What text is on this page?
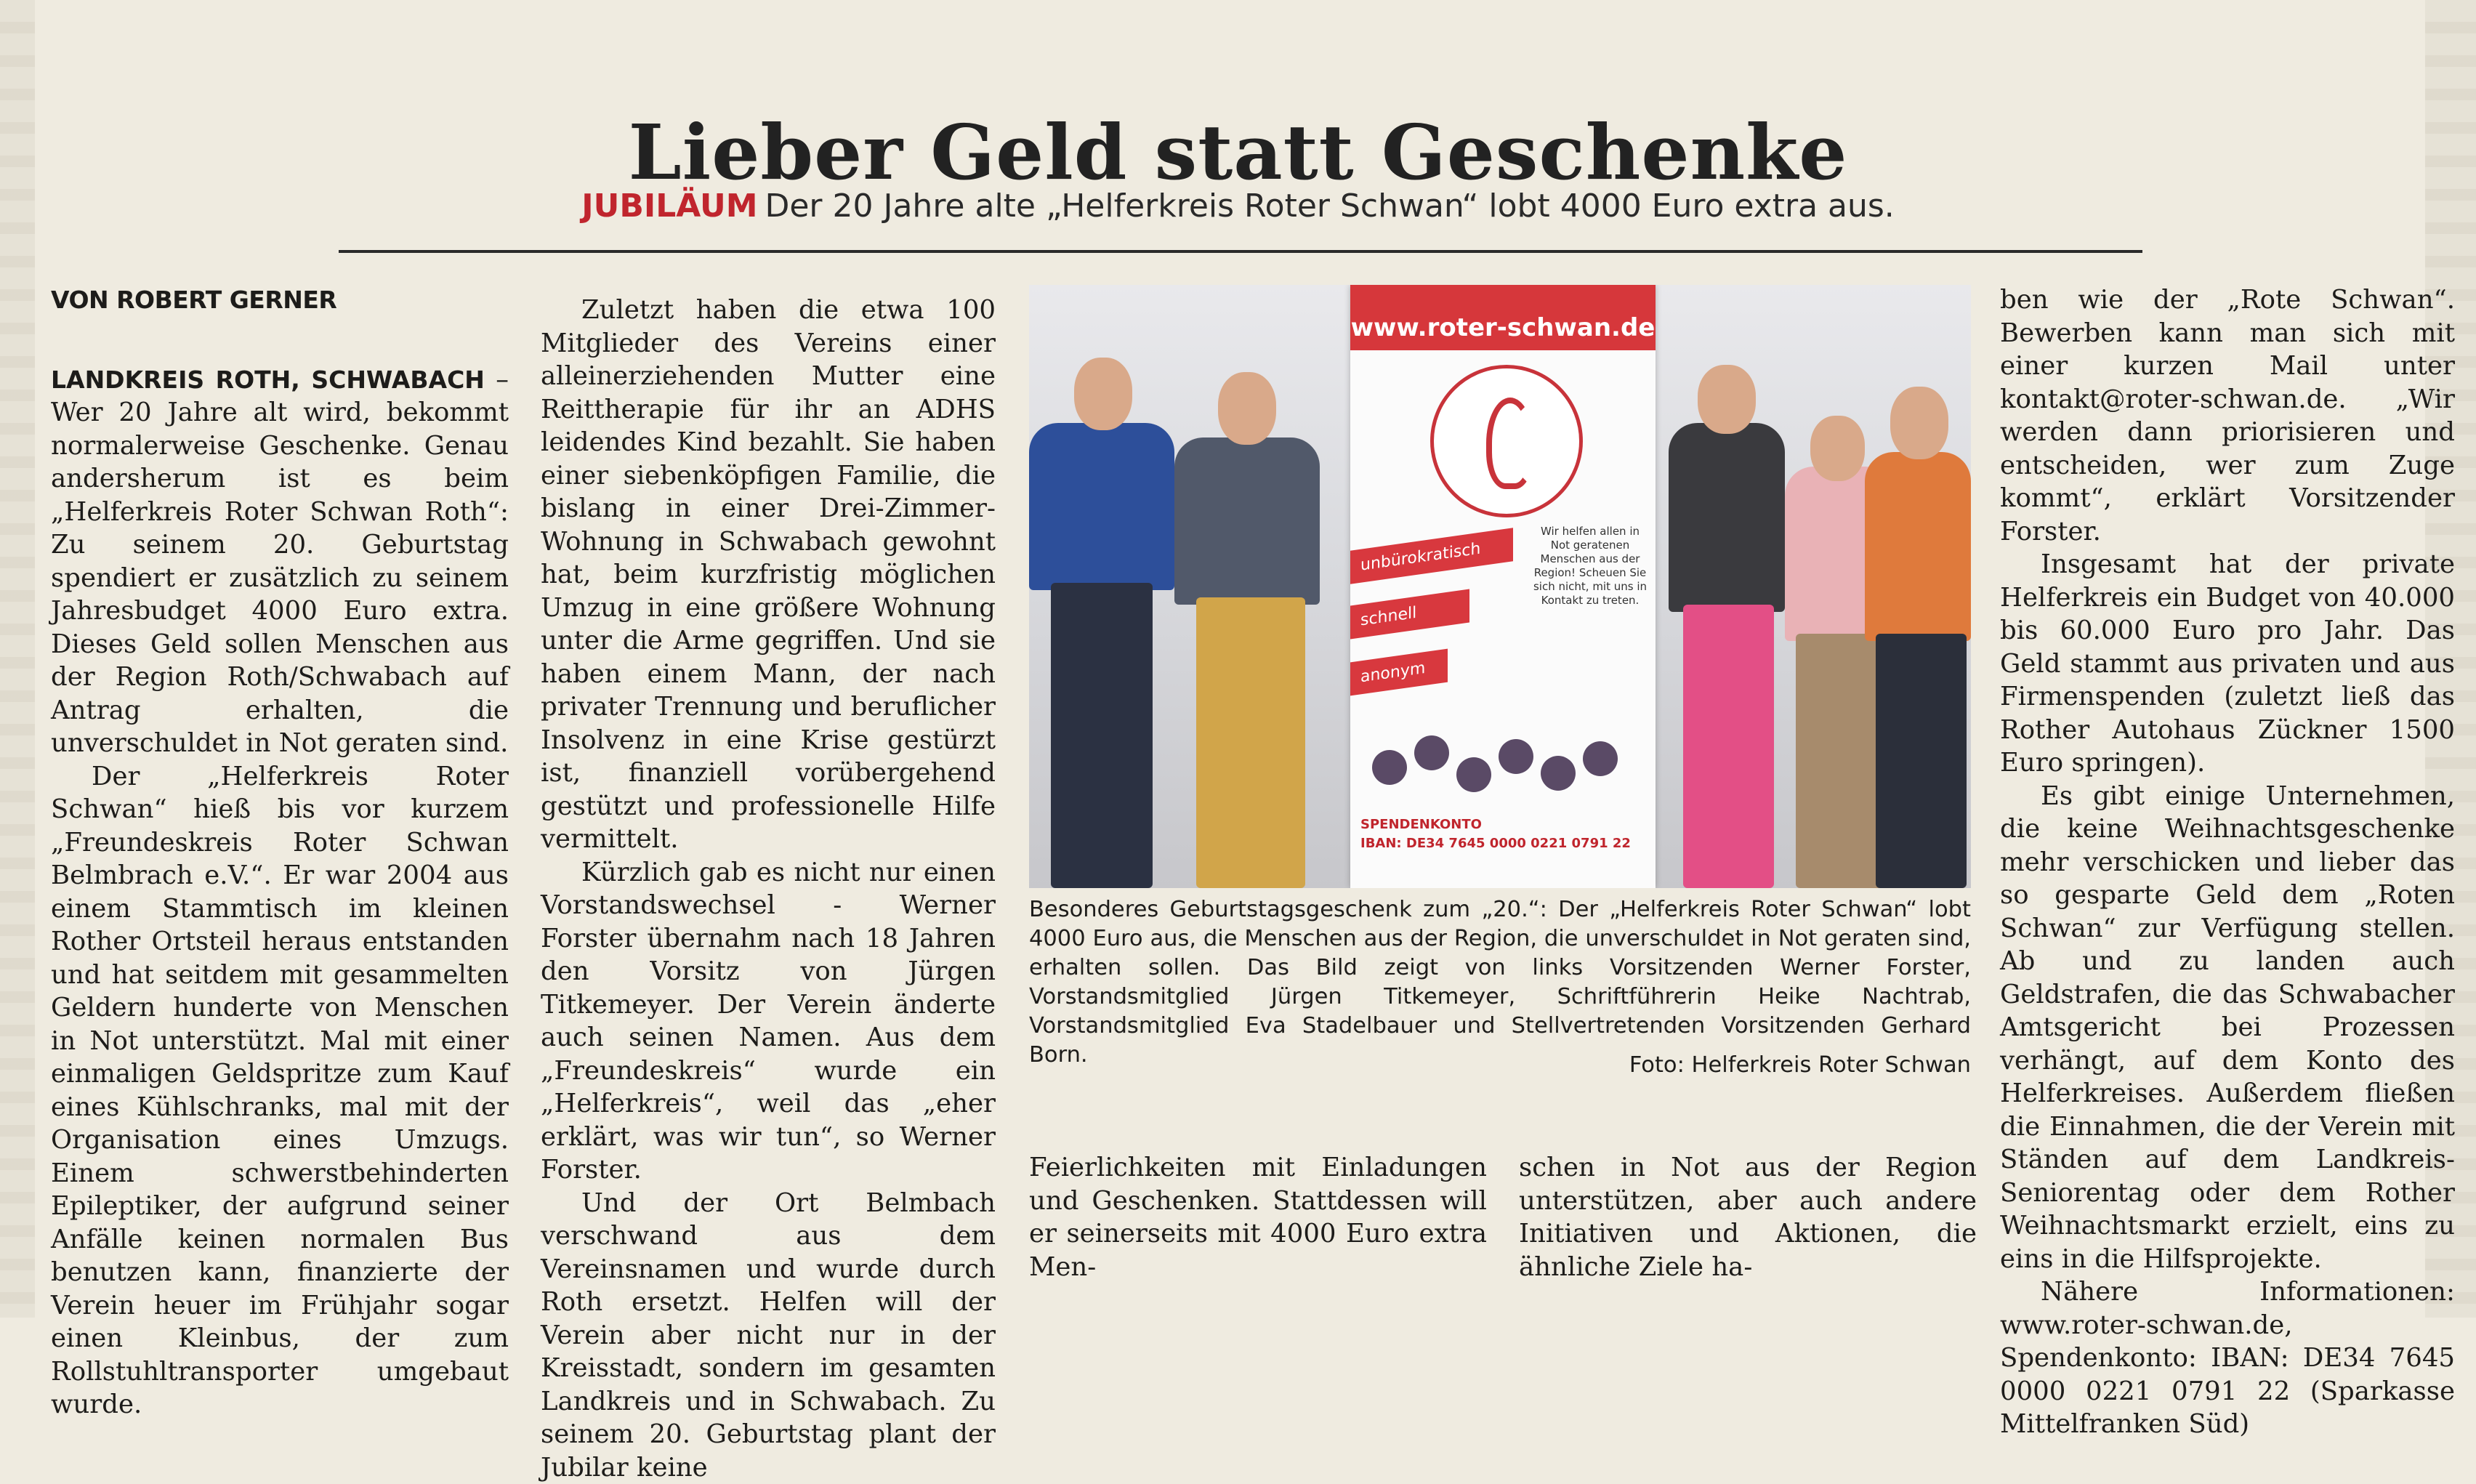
Lieber Geld statt Geschenke
JUBILÄUM Der 20 Jahre alte „Helferkreis Roter Schwan“ lobt 4000 Euro extra aus.
VON ROBERT GERNER

LANDKREIS ROTH, SCHWABACH – Wer 20 Jahre alt wird, bekommt normalerweise Geschenke. Genau andersherum ist es beim „Helferkreis Roter Schwan Roth“: Zu seinem 20. Geburtstag spendiert er zusätzlich zu seinem Jahresbudget 4000 Euro extra. Dieses Geld sollen Menschen aus der Region Roth/Schwabach auf Antrag erhalten, die unverschuldet in Not geraten sind.

Der „Helferkreis Roter Schwan“ hieß bis vor kurzem „Freundeskreis Roter Schwan Belmbrach e.V.“. Er war 2004 aus einem Stammtisch im kleinen Rother Ortsteil heraus entstanden und hat seitdem mit gesammelten Geldern hunderte von Menschen in Not unterstützt. Mal mit einer einmaligen Geldspritze zum Kauf eines Kühlschranks, mal mit der Organisation eines Umzugs. Einem schwerstbehinderten Epileptiker, der aufgrund seiner Anfälle keinen normalen Bus benutzen kann, finanzierte der Verein heuer im Frühjahr sogar einen Kleinbus, der zum Rollstuhltransporter umgebaut wurde.

Zuletzt haben die etwa 100 Mitglieder des Vereins einer alleinerziehenden Mutter eine Reittherapie für ihr an ADHS leidendes Kind bezahlt. Sie haben einer siebenköpfigen Familie, die bislang in einer Drei-Zimmer-Wohnung in Schwabach gewohnt hat, beim kurzfristig möglichen Umzug in eine größere Wohnung unter die Arme gegriffen. Und sie haben einem Mann, der nach privater Trennung und beruflicher Insolvenz in eine Krise gestürzt ist, finanziell vorübergehend gestützt und professionelle Hilfe vermittelt.

Kürzlich gab es nicht nur einen Vorstandswechsel - Werner Forster übernahm nach 18 Jahren den Vorsitz von Jürgen Titkemeyer. Der Verein änderte auch seinen Namen. Aus dem „Freundeskreis“ wurde ein „Helferkreis“, weil das „eher erklärt, was wir tun“, so Werner Forster.

Und der Ort Belmbach verschwand aus dem Vereinsnamen und wurde durch Roth ersetzt. Helfen will der Verein aber nicht nur in der Kreisstadt, sondern im gesamten Landkreis und in Schwabach. Zu seinem 20. Geburtstag plant der Jubilar keine

www.roter-schwan.de
unbürokratisch
schnell
anonym
Wir helfen allen in Not geratenen Menschen aus der Region! Scheuen Sie sich nicht, mit uns in Kontakt zu treten.
SPENDENKONTO
IBAN: DE34 7645 0000 0221 0791 22

Besonderes Geburtstagsgeschenk zum „20.“: Der „Helferkreis Roter Schwan“ lobt 4000 Euro aus, die Menschen aus der Region, die unverschuldet in Not geraten sind, erhalten sollen. Das Bild zeigt von links Vorsitzenden Werner Forster, Vorstandsmitglied Jürgen Titkemeyer, Schriftführerin Heike Nachtrab, Vorstandsmitglied Eva Stadelbauer und Stellvertretenden Vorsitzenden Gerhard Born.	Foto: Helferkreis Roter Schwan

Feierlichkeiten mit Einladungen und Geschenken. Stattdessen will er seinerseits mit 4000 Euro extra Men-

schen in Not aus der Region unterstützen, aber auch andere Initiativen und Aktionen, die ähnliche Ziele ha-

ben wie der „Rote Schwan“. Bewerben kann man sich mit einer kurzen Mail unter kontakt@roter-schwan.de. „Wir werden dann priorisieren und entscheiden, wer zum Zuge kommt“, erklärt Vorsitzender Forster.

Insgesamt hat der private Helferkreis ein Budget von 40.000 bis 60.000 Euro pro Jahr. Das Geld stammt aus privaten und aus Firmenspenden (zuletzt ließ das Rother Autohaus Zückner 1500 Euro springen).

Es gibt einige Unternehmen, die keine Weihnachtsgeschenke mehr verschicken und lieber das so gesparte Geld dem „Roten Schwan“ zur Verfügung stellen. Ab und zu landen auch Geldstrafen, die das Schwabacher Amtsgericht bei Prozessen verhängt, auf dem Konto des Helferkreises. Außerdem fließen die Einnahmen, die der Verein mit Ständen auf dem Landkreis-Seniorentag oder dem Rother Weihnachtsmarkt erzielt, eins zu eins in die Hilfsprojekte.

Nähere Informationen: www.roter-schwan.de, Spendenkonto: IBAN: DE34 7645 0000 0221 0791 22 (Sparkasse Mittelfranken Süd)
